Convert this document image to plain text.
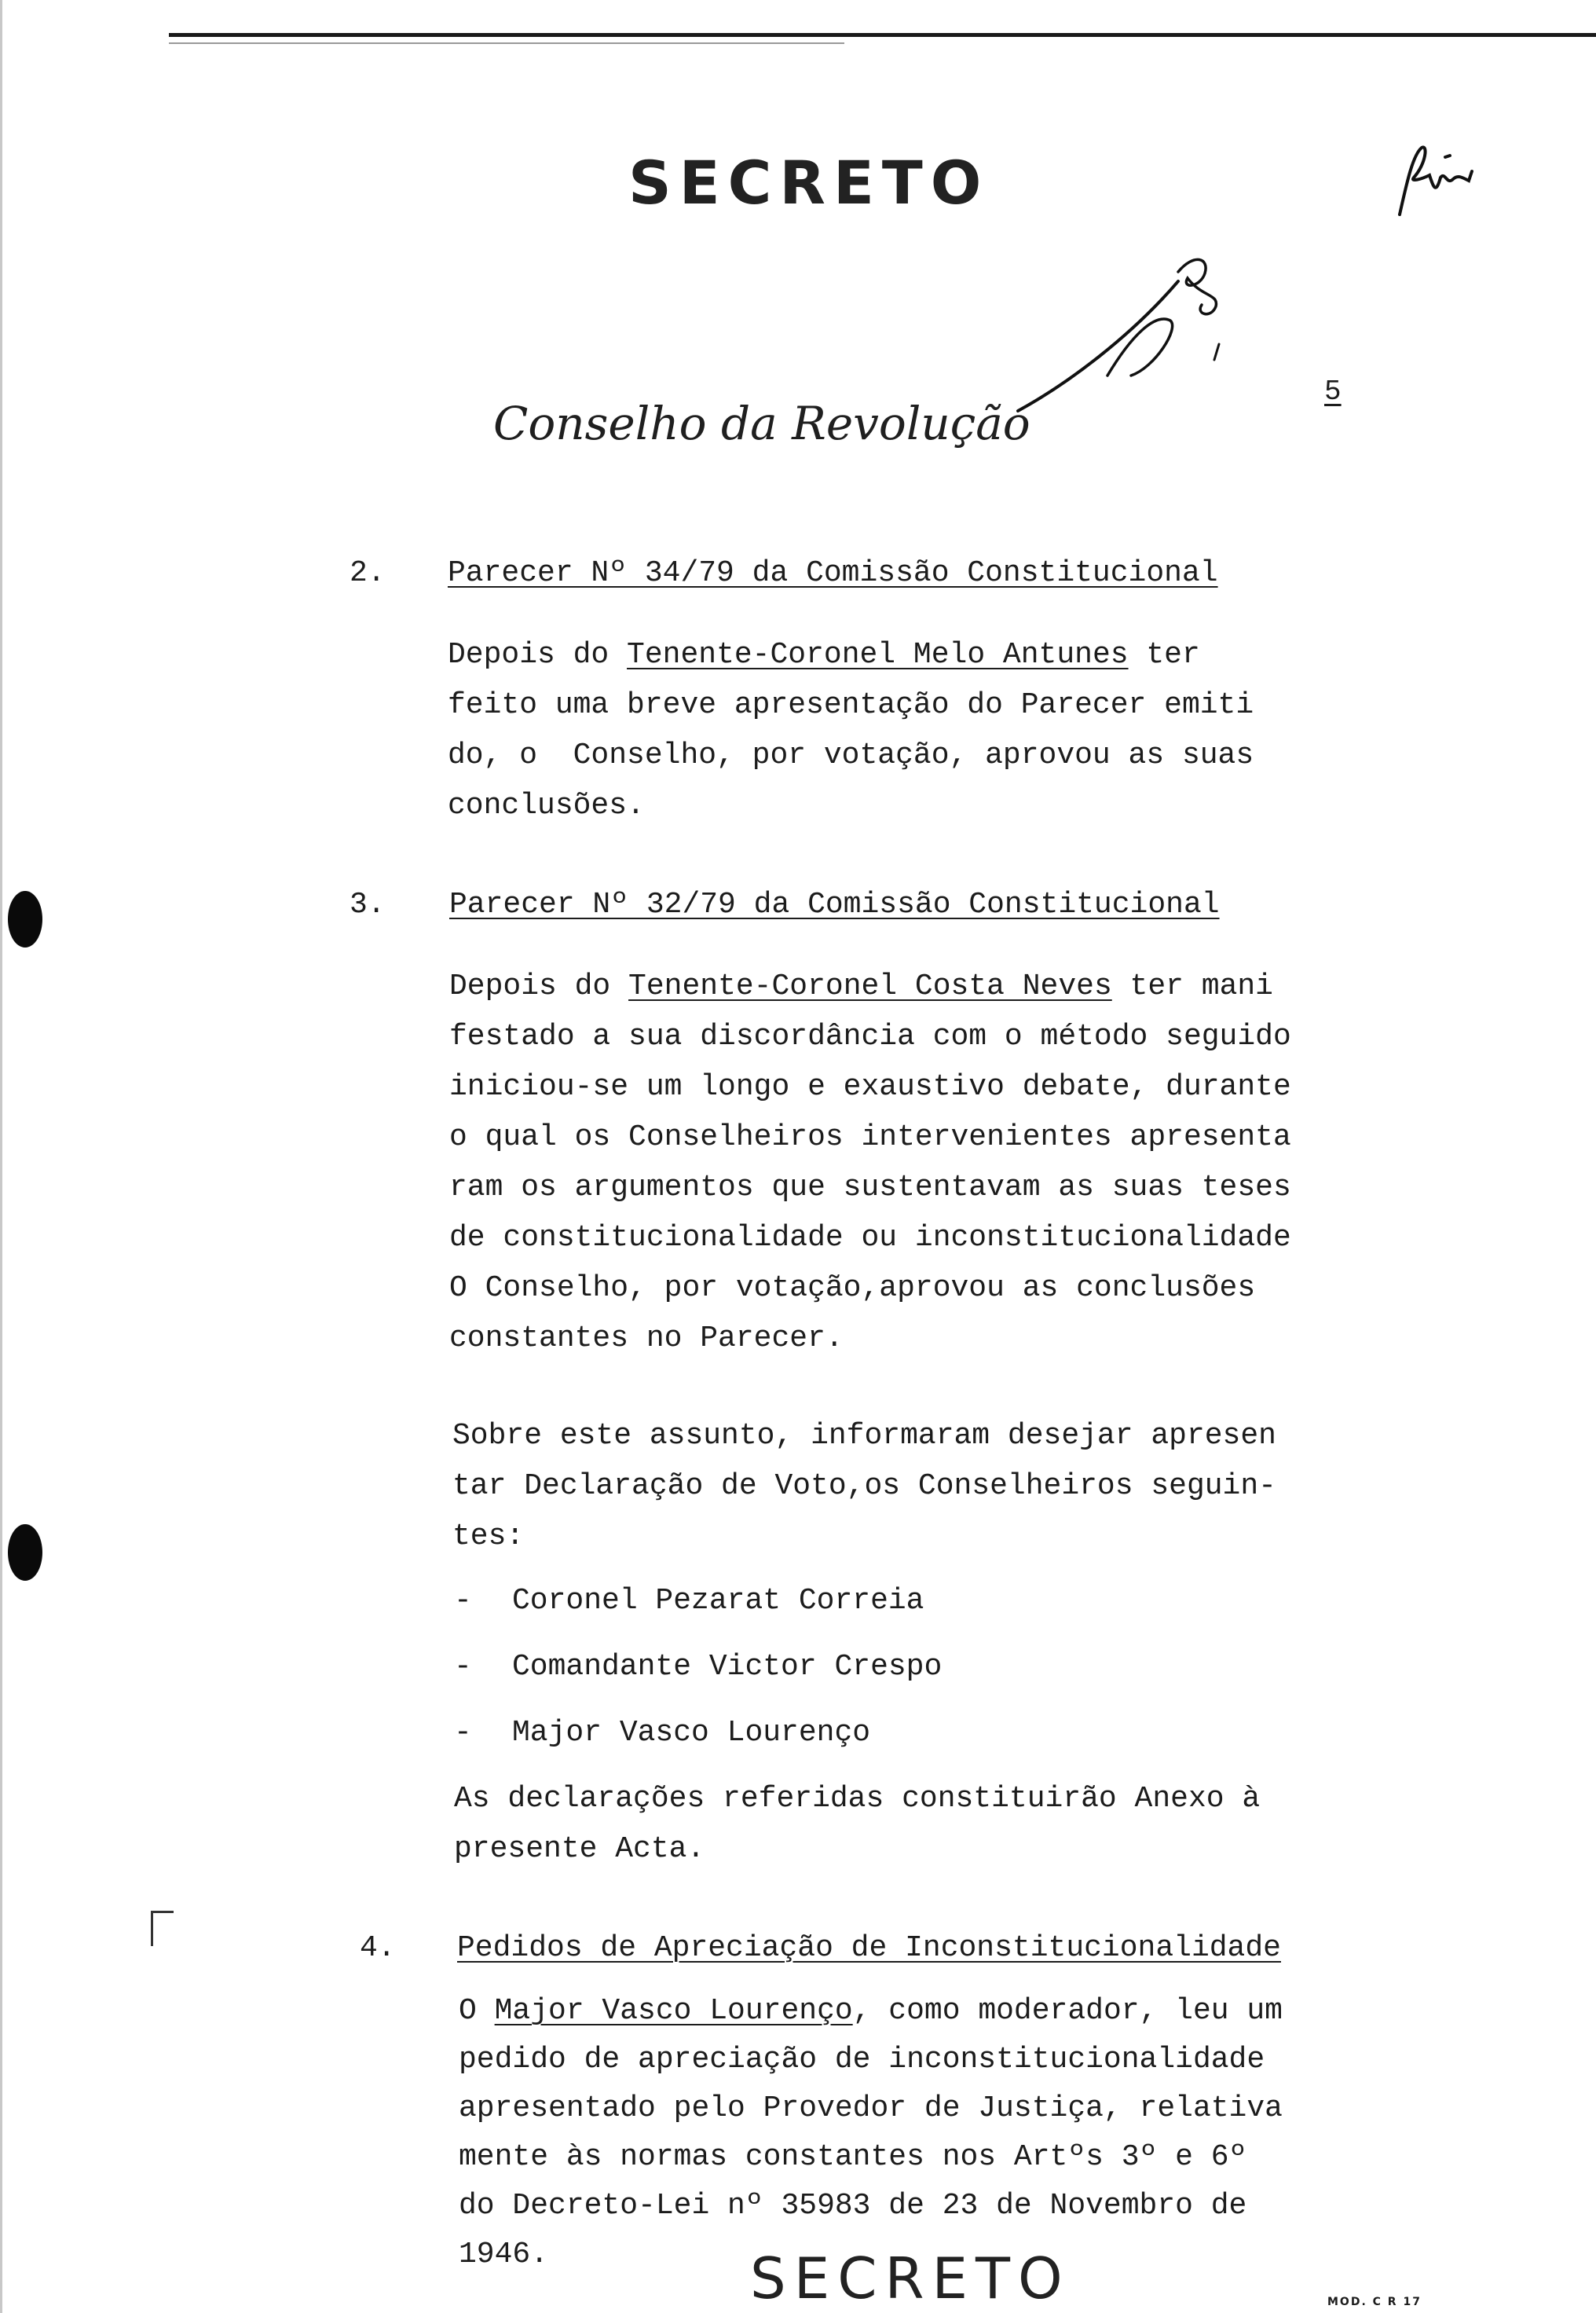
SECRETO
Conselho da Revolução
5
2. Parecer Nº 34/79 da Comissão Constitucional
Depois do Tenente-Coronel Melo Antunes ter
feito uma breve apresentação do Parecer emiti
do, o  Conselho, por votação, aprovou as suas
conclusões.
3. Parecer Nº 32/79 da Comissão Constitucional
Depois do Tenente-Coronel Costa Neves ter mani
festado a sua discordância com o método seguido
iniciou-se um longo e exaustivo debate, durante
o qual os Conselheiros intervenientes apresenta
ram os argumentos que sustentavam as suas teses
de constitucionalidade ou inconstitucionalidade
O Conselho, por votação,aprovou as conclusões
constantes no Parecer.
Sobre este assunto, informaram desejar apresen
tar Declaração de Voto,os Conselheiros seguin-
tes:
- Coronel Pezarat Correia
- Comandante Victor Crespo
- Major Vasco Lourenço
As declarações referidas constituirão Anexo à
presente Acta.
4. Pedidos de Apreciação de Inconstitucionalidade
O Major Vasco Lourenço, como moderador, leu um
pedido de apreciação de inconstitucionalidade
apresentado pelo Provedor de Justiça, relativa
mente às normas constantes nos Artºs 3º e 6º
do Decreto-Lei nº 35983 de 23 de Novembro de
1946.	SECRETO	MOD. C R 17
